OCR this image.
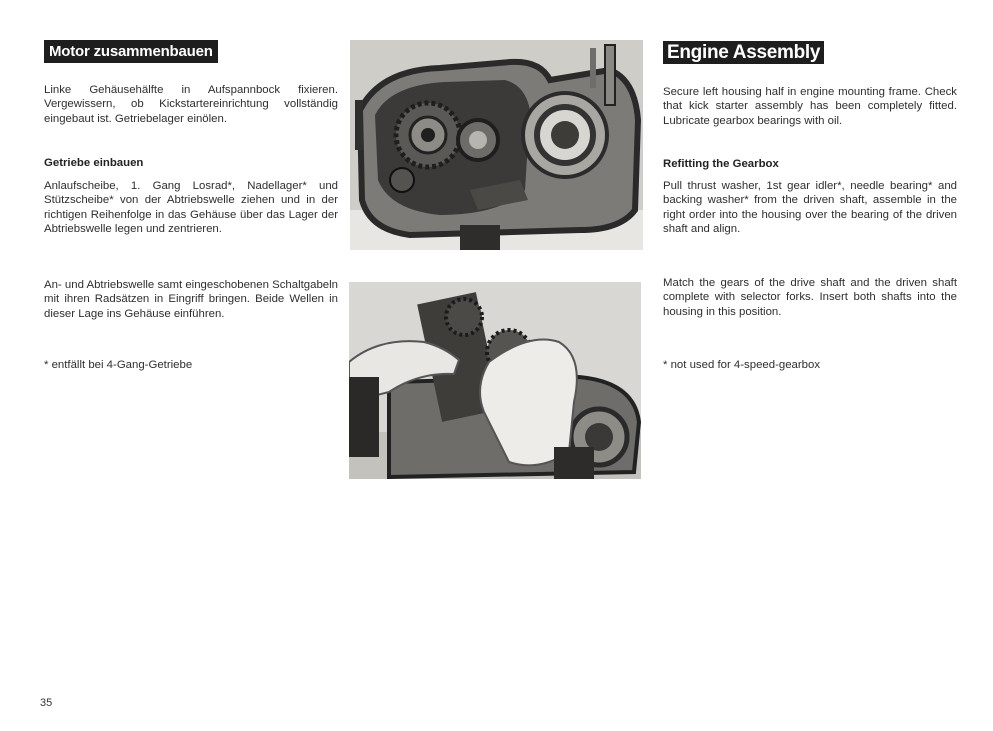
Motor zusammenbauen

Linke Gehäusehälfte in Aufspannbock fixieren. Vergewissern, ob Kickstartereinrichtung vollständig eingebaut ist. Getriebelager einölen.

Getriebe einbauen

Anlaufscheibe, 1. Gang Losrad*, Nadellager* und Stützscheibe* von der Abtriebswelle ziehen und in der richtigen Reihenfolge in das Gehäuse über das Lager der Abtriebswelle legen und zentrieren.

An- und Abtriebswelle samt eingeschobenen Schaltgabeln mit ihren Radsätzen in Eingriff bringen. Beide Wellen in dieser Lage ins Gehäuse einführen.

* entfällt bei 4-Gang-Getriebe

Engine Assembly

Secure left housing half in engine mounting frame. Check that kick starter assembly has been completely fitted. Lubricate gearbox bearings with oil.

Refitting the Gearbox

Pull thrust washer, 1st gear idler*, needle bearing* and backing washer* from the driven shaft, assemble in the right order into the housing over the bearing of the driven shaft and align.

Match the gears of the drive shaft and the driven shaft complete with selector forks. Insert both shafts into the housing in this position.

* not used for 4-speed-gearbox

35
